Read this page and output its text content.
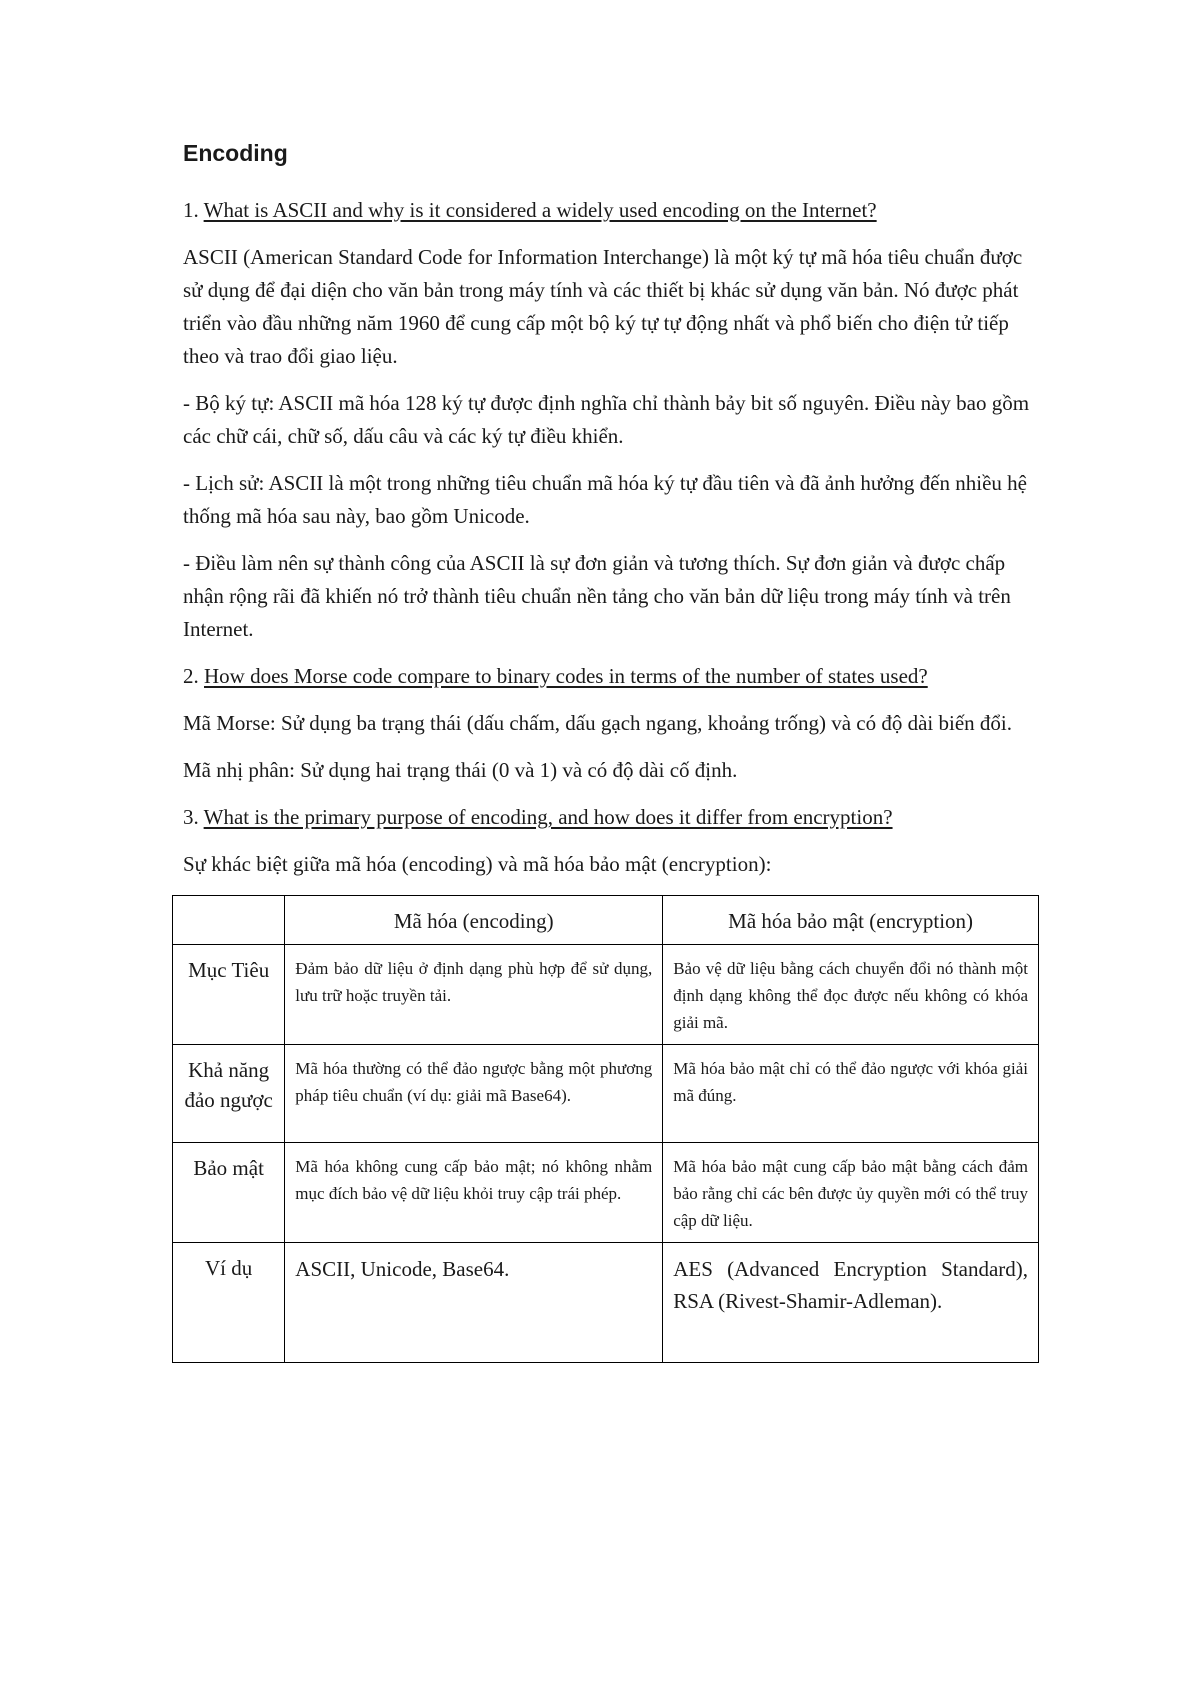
Encoding

1. What is ASCII and why is it considered a widely used encoding on the Internet?

ASCII (American Standard Code for Information Interchange) là một ký tự mã hóa tiêu chuẩn được sử dụng để đại diện cho văn bản trong máy tính và các thiết bị khác sử dụng văn bản. Nó được phát triển vào đầu những năm 1960 để cung cấp một bộ ký tự tự động nhất và phổ biến cho điện tử tiếp theo và trao đổi giao liệu.

- Bộ ký tự: ASCII mã hóa 128 ký tự được định nghĩa chỉ thành bảy bit số nguyên. Điều này bao gồm các chữ cái, chữ số, dấu câu và các ký tự điều khiển.

- Lịch sử: ASCII là một trong những tiêu chuẩn mã hóa ký tự đầu tiên và đã ảnh hưởng đến nhiều hệ thống mã hóa sau này, bao gồm Unicode.

- Điều làm nên sự thành công của ASCII là sự đơn giản và tương thích. Sự đơn giản và được chấp nhận rộng rãi đã khiến nó trở thành tiêu chuẩn nền tảng cho văn bản dữ liệu trong máy tính và trên Internet.

2. How does Morse code compare to binary codes in terms of the number of states used?

Mã Morse: Sử dụng ba trạng thái (dấu chấm, dấu gạch ngang, khoảng trống) và có độ dài biến đổi.

Mã nhị phân: Sử dụng hai trạng thái (0 và 1) và có độ dài cố định.

3. What is the primary purpose of encoding, and how does it differ from encryption?

Sự khác biệt giữa mã hóa (encoding) và mã hóa bảo mật (encryption):

	Mã hóa (encoding)	Mã hóa bảo mật (encryption)
Mục Tiêu	Đảm bảo dữ liệu ở định dạng phù hợp để sử dụng, lưu trữ hoặc truyền tải.	Bảo vệ dữ liệu bằng cách chuyển đổi nó thành một định dạng không thể đọc được nếu không có khóa giải mã.
Khả năng đảo ngược	Mã hóa thường có thể đảo ngược bằng một phương pháp tiêu chuẩn (ví dụ: giải mã Base64).	Mã hóa bảo mật chỉ có thể đảo ngược với khóa giải mã đúng.
Bảo mật	Mã hóa không cung cấp bảo mật; nó không nhằm mục đích bảo vệ dữ liệu khỏi truy cập trái phép.	Mã hóa bảo mật cung cấp bảo mật bằng cách đảm bảo rằng chỉ các bên được ủy quyền mới có thể truy cập dữ liệu.
Ví dụ	ASCII, Unicode, Base64.	AES (Advanced Encryption Standard), RSA (Rivest-Shamir-Adleman).
